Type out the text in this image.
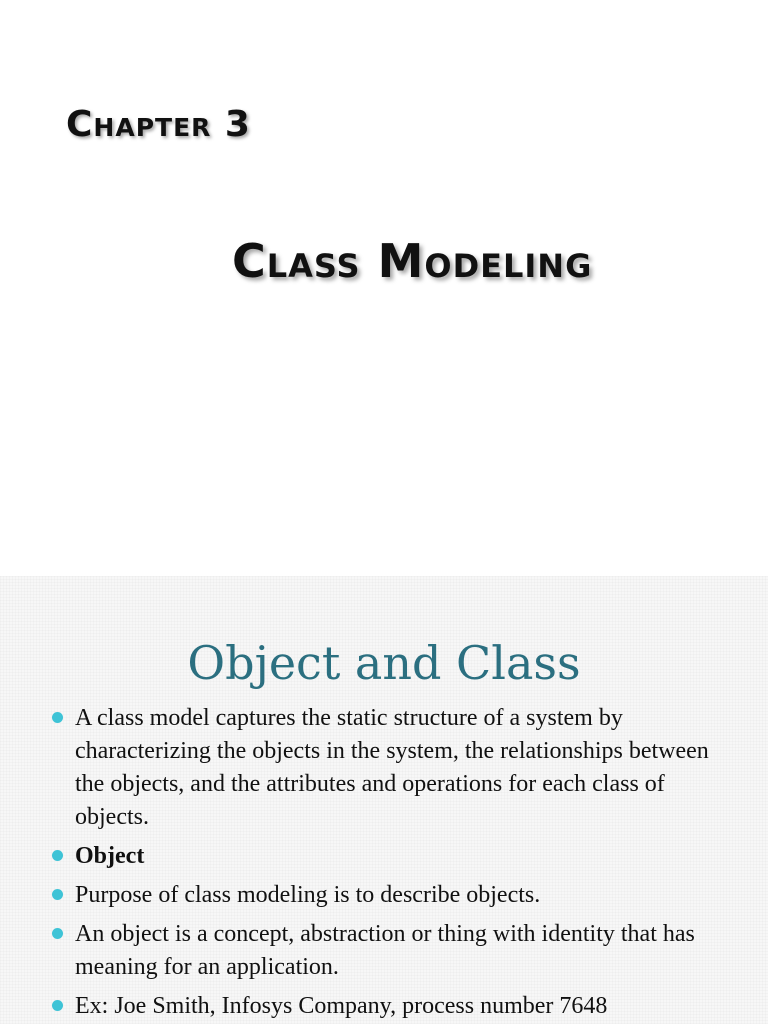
Chapter 3
Class Modeling
Object and Class
A class model captures the static structure of a system by characterizing the objects in the system, the relationships between the objects, and the attributes and operations for each class of objects.
Object
Purpose of class modeling is to describe objects.
An object is a concept, abstraction or thing with identity that has meaning for an application.
Ex: Joe Smith, Infosys Company, process number 7648
